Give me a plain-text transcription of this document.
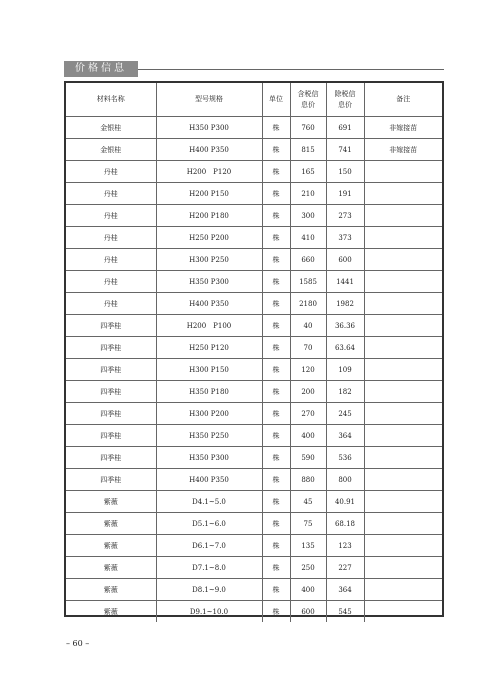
价格信息
材料名称	型号规格	单位	含税信息价	除税信息价	备注
金银桂	H350 P300	株	760	691	非嫁接苗
金银桂	H400 P350	株	815	741	非嫁接苗
丹桂	H200　P120	株	165	150	
丹桂	H200 P150	株	210	191	
丹桂	H200 P180	株	300	273	
丹桂	H250 P200	株	410	373	
丹桂	H300 P250	株	660	600	
丹桂	H350 P300	株	1585	1441	
丹桂	H400 P350	株	2180	1982	
四季桂	H200　P100	株	40	36.36	
四季桂	H250 P120	株	70	63.64	
四季桂	H300 P150	株	120	109	
四季桂	H350 P180	株	200	182	
四季桂	H300 P200	株	270	245	
四季桂	H350 P250	株	400	364	
四季桂	H350 P300	株	590	536	
四季桂	H400 P350	株	880	800	
紫薇	D4.1~5.0	株	45	40.91	
紫薇	D5.1~6.0	株	75	68.18	
紫薇	D6.1~7.0	株	135	123	
紫薇	D7.1~8.0	株	250	227	
紫薇	D8.1~9.0	株	400	364	
紫薇	D9.1~10.0	株	600	545	
– 60 –
